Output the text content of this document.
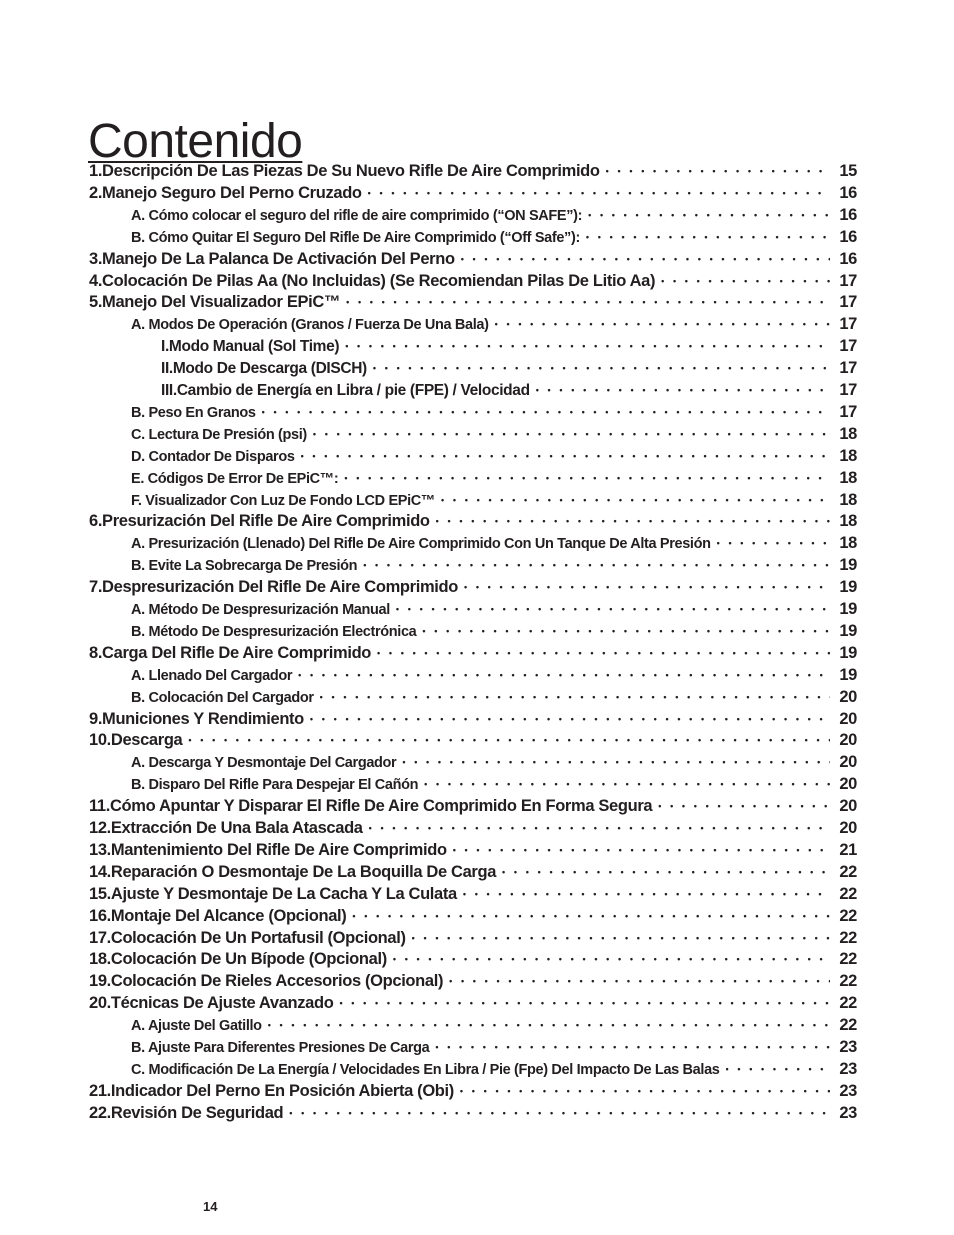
Contenido
1.Descripción De Las Piezas De Su Nuevo Rifle De Aire Comprimido • • •	15
2.Manejo Seguro Del Perno Cruzado • • •	16
A. Cómo colocar el seguro del rifle de aire comprimido (“ON SAFE”): • • •	16
B. Cómo Quitar El Seguro Del Rifle De Aire Comprimido (“Off Safe”): • • •	16
3.Manejo De La Palanca De Activación Del Perno • • •	16
4.Colocación De Pilas Aa (No Incluidas) (Se Recomiendan Pilas De Litio Aa) • • •	17
5.Manejo Del Visualizador EPiC™ • • •	17
A. Modos De Operación (Granos / Fuerza De Una Bala) • • •	17
I.Modo Manual (Sol Time) • • •	17
II.Modo De Descarga (DISCH) • • •	17
III.Cambio de Energía en Libra / pie (FPE) / Velocidad • • •	17
B. Peso En Granos • • •	17
C. Lectura De Presión (psi) • • •	18
D. Contador De Disparos • • •	18
E. Códigos De Error De EPiC™: • • •	18
F. Visualizador Con Luz De Fondo LCD EPiC™ • • •	18
6.Presurización Del Rifle De Aire Comprimido • • •	18
A. Presurización (Llenado) Del Rifle De Aire Comprimido Con Un Tanque De Alta Presión • • •	18
B. Evite La Sobrecarga De Presión • • •	19
7.Despresurización Del Rifle De Aire Comprimido • • •	19
A. Método De Despresurización Manual • • •	19
B. Método De Despresurización Electrónica • • •	19
8.Carga Del Rifle De Aire Comprimido • • •	19
A. Llenado Del Cargador • • •	19
B. Colocación Del Cargador • • •	20
9.Municiones Y Rendimiento • • •	20
10.Descarga • • •	20
A. Descarga Y Desmontaje Del Cargador • • •	20
B. Disparo Del Rifle Para Despejar El Cañón • • •	20
11.Cómo Apuntar Y Disparar El Rifle De Aire Comprimido En Forma Segura • • •	20
12.Extracción De Una Bala Atascada • • •	20
13.Mantenimiento Del Rifle De Aire Comprimido • • •	21
14.Reparación O Desmontaje De La Boquilla De Carga • • •	22
15.Ajuste Y Desmontaje De La Cacha Y La Culata • • •	22
16.Montaje Del Alcance (Opcional) • • •	22
17.Colocación De Un Portafusil (Opcional) • • •	22
18.Colocación De Un Bípode (Opcional) • • •	22
19.Colocación De Rieles Accesorios (Opcional) • • •	22
20.Técnicas De Ajuste Avanzado • • •	22
A. Ajuste Del Gatillo • • •	22
B. Ajuste Para Diferentes Presiones De Carga • • •	23
C. Modificación De La Energía / Velocidades En Libra / Pie (Fpe) Del Impacto De Las Balas • • •	23
21.Indicador Del Perno En Posición Abierta (Obi) • • •	23
22.Revisión De Seguridad • • •	23
14
